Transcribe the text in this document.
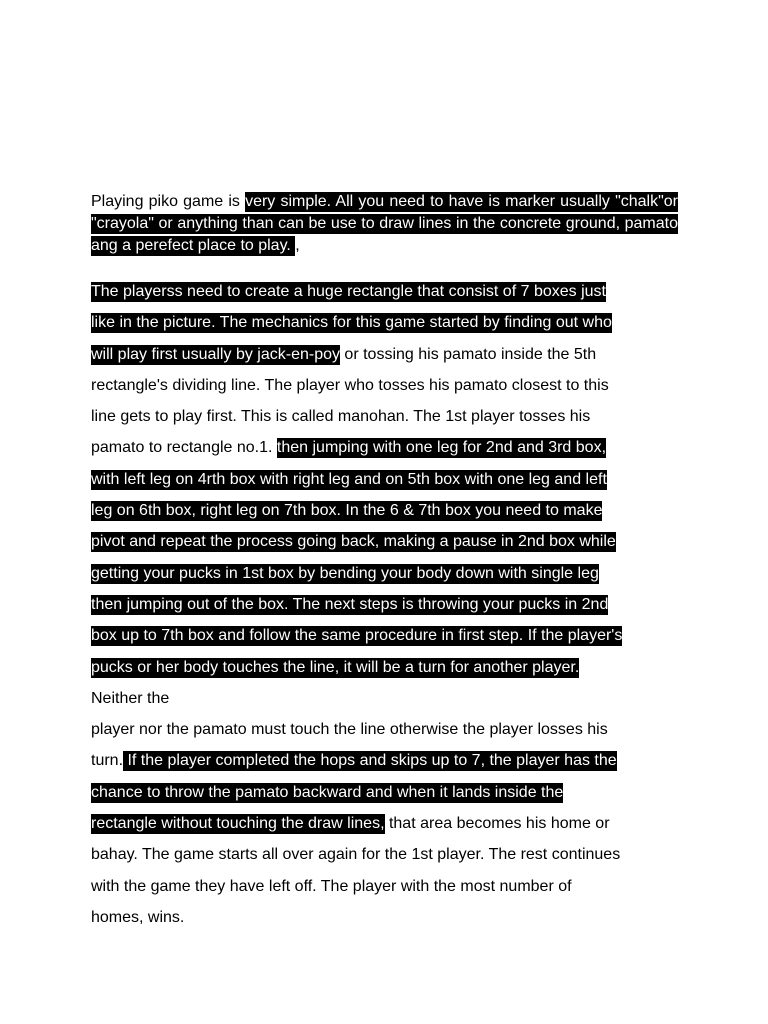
Playing piko game is very simple. All you need to have is marker usually "chalk"or "crayola" or anything than can be use to draw lines in the concrete ground, pamato ang a perefect place to play. ,

The playerss need to create a huge rectangle that consist of 7 boxes just
like in the picture. The mechanics for this game started by finding out who
will play first usually by jack-en-poy or tossing his pamato inside the 5th
rectangle's dividing line. The player who tosses his pamato closest to this
line gets to play first. This is called manohan. The 1st player tosses his
pamato to rectangle no.1. then jumping with one leg for 2nd and 3rd box,
with left leg on 4rth box with right leg and on 5th box with one leg and left
leg on 6th box, right leg on 7th box. In the 6 & 7th box you need to make
pivot and repeat the process going back, making a pause in 2nd box while
getting your pucks in 1st box by bending your body down with single leg
then jumping out of the box. The next steps is throwing your pucks in 2nd
box up to 7th box and follow the same procedure in first step. If the player's
pucks or her body touches the line, it will be a turn for another player.
Neither the
player nor the pamato must touch the line otherwise the player losses his
turn. If the player completed the hops and skips up to 7, the player has the
chance to throw the pamato backward and when it lands inside the
rectangle without touching the draw lines, that area becomes his home or
bahay. The game starts all over again for the 1st player. The rest continues
with the game they have left off. The player with the most number of
homes, wins.
